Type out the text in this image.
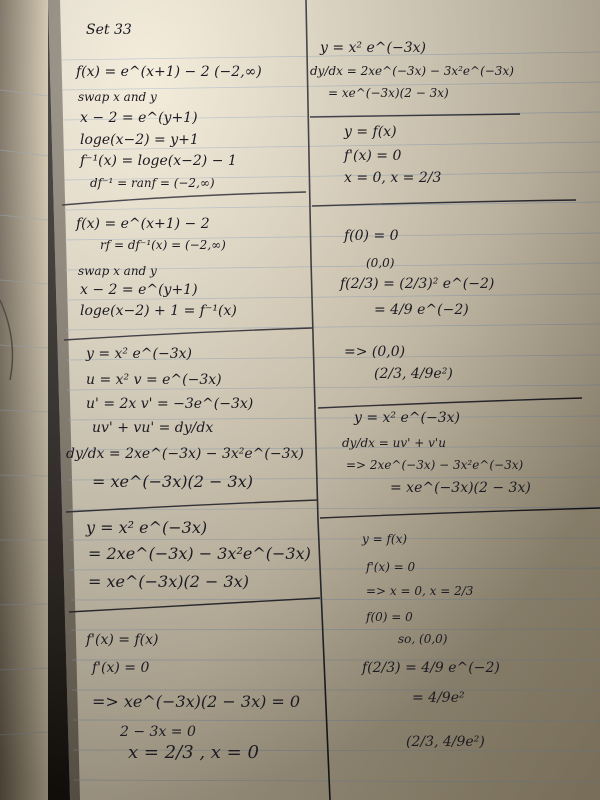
Set 33
f(x) = e^(x+1) − 2 (−2,∞)
swap x and y
x − 2 = e^(y+1)
loge(x−2) = y+1
f⁻¹(x) = loge(x−2) − 1
df⁻¹ = ranf = (−2,∞)
f(x) = e^(x+1) − 2
rf = df⁻¹(x) = (−2,∞)
swap x and y
x − 2 = e^(y+1)
loge(x−2) + 1 = f⁻¹(x)
y = x² e^(−3x)
u = x² v = e^(−3x)
u' = 2x v' = −3e^(−3x)
uv' + vu' = dy/dx
dy/dx = 2xe^(−3x) − 3x²e^(−3x)
= xe^(−3x)(2 − 3x)
y = x² e^(−3x)
= 2xe^(−3x) − 3x²e^(−3x)
= xe^(−3x)(2 − 3x)
f'(x) = f(x)
f'(x) = 0
=> xe^(−3x)(2 − 3x) = 0
2 − 3x = 0
x = 2/3 , x = 0
y = x² e^(−3x)
dy/dx = 2xe^(−3x) − 3x²e^(−3x)
= xe^(−3x)(2 − 3x)
y = f(x)
f'(x) = 0
x = 0, x = 2/3
f(0) = 0
(0,0)
f(2/3) = (2/3)² e^(−2)
= 4/9 e^(−2)
=> (0,0)
(2/3, 4/9e²)
y = x² e^(−3x)
dy/dx = uv' + v'u
=> 2xe^(−3x) − 3x²e^(−3x)
= xe^(−3x)(2 − 3x)
y = f(x)
f'(x) = 0
=> x = 0, x = 2/3
f(0) = 0
so, (0,0)
f(2/3) = 4/9 e^(−2)
= 4/9e²
(2/3, 4/9e²)
